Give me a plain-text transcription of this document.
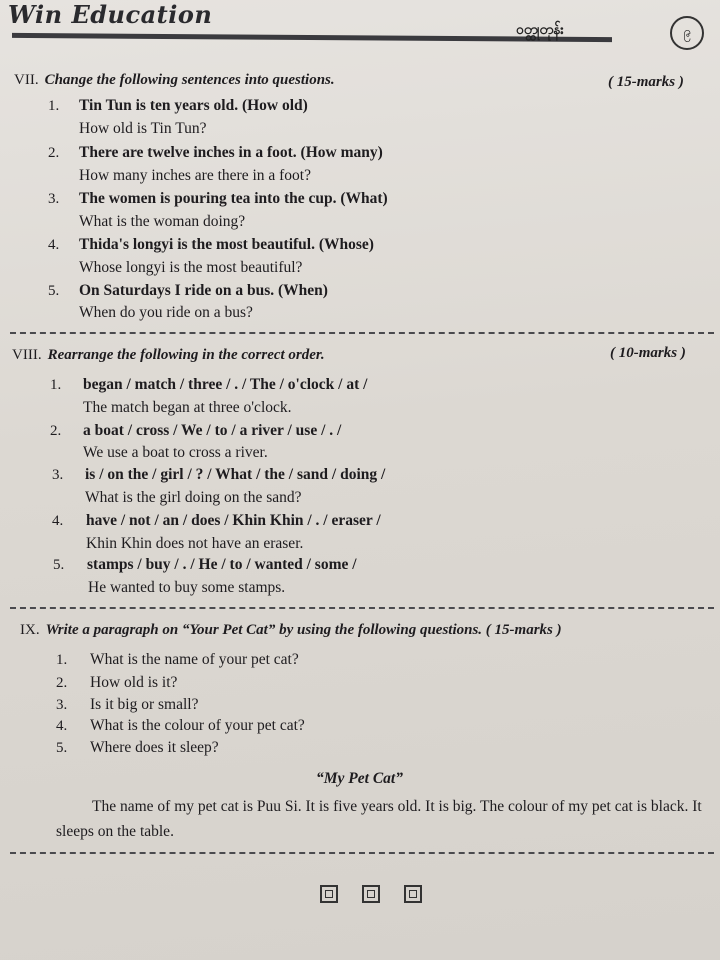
Win Education
ဝတ္ထုတုန်း	၉
VII. Change the following sentences into questions.	( 15-marks )
1. Tin Tun is ten years old. (How old)
How old is Tin Tun?
2. There are twelve inches in a foot. (How many)
How many inches are there in a foot?
3. The women is pouring tea into the cup. (What)
What is the woman doing?
4. Thida's longyi is the most beautiful. (Whose)
Whose longyi is the most beautiful?
5. On Saturdays I ride on a bus. (When)
When do you ride on a bus?
VIII. Rearrange the following in the correct order.	( 10-marks )
1. began / match / three / . / The / o'clock / at /
The match began at three o'clock.
2. a boat / cross / We / to / a river / use / . /
We use a boat to cross a river.
3. is / on the / girl / ? / What / the / sand / doing /
What is the girl doing on the sand?
4. have / not / an / does / Khin Khin / . / eraser /
Khin Khin does not have an eraser.
5. stamps / buy / . / He / to / wanted / some /
He wanted to buy some stamps.
IX. Write a paragraph on “Your Pet Cat” by using the following questions. ( 15-marks )
1. What is the name of your pet cat?
2. How old is it?
3. Is it big or small?
4. What is the colour of your pet cat?
5. Where does it sleep?
“My Pet Cat”
The name of my pet cat is Puu Si. It is five years old. It is big. The colour of my pet cat is black. It sleeps on the table.
